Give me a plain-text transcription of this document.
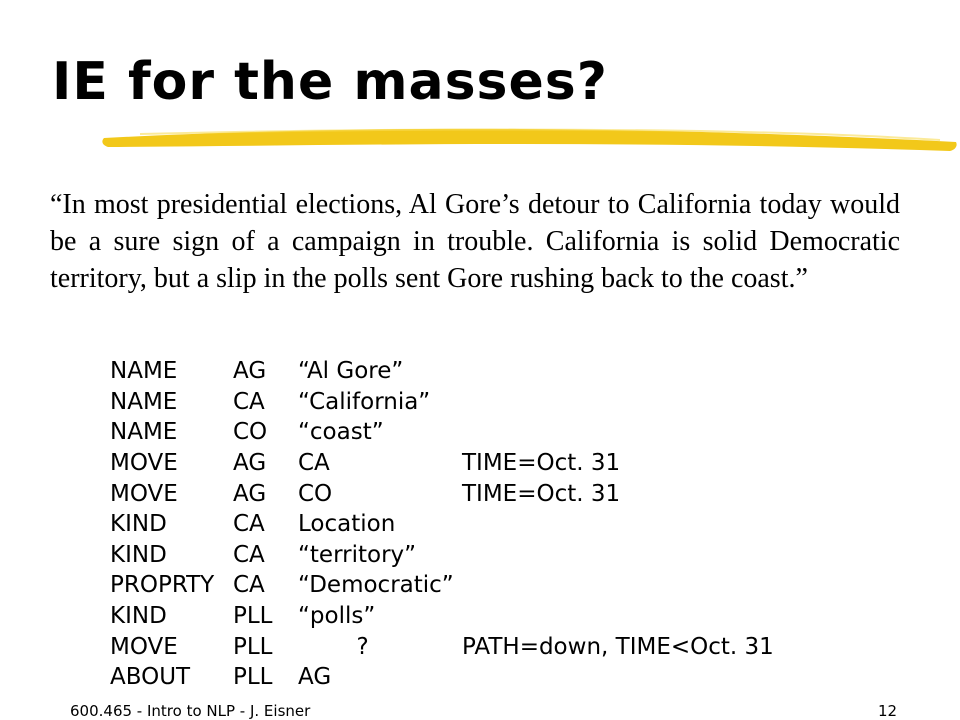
IE for the masses?

“In most presidential elections, Al Gore’s detour to California today would be a sure sign of a campaign in trouble. California is solid Democratic territory, but a slip in the polls sent Gore rushing back to the coast.”

NAME	AG	“Al Gore”	
NAME	CA	“California”	
NAME	CO	“coast”	
MOVE	AG	CA	TIME=Oct. 31
MOVE	AG	CO	TIME=Oct. 31
KIND	CA	Location	
KIND	CA	“territory”	
PROPRTY	CA	“Democratic”	
KIND	PLL	“polls”	
MOVE	PLL	?	PATH=down, TIME<Oct. 31
ABOUT	PLL	AG	
600.465 - Intro to NLP - J. Eisner	12
